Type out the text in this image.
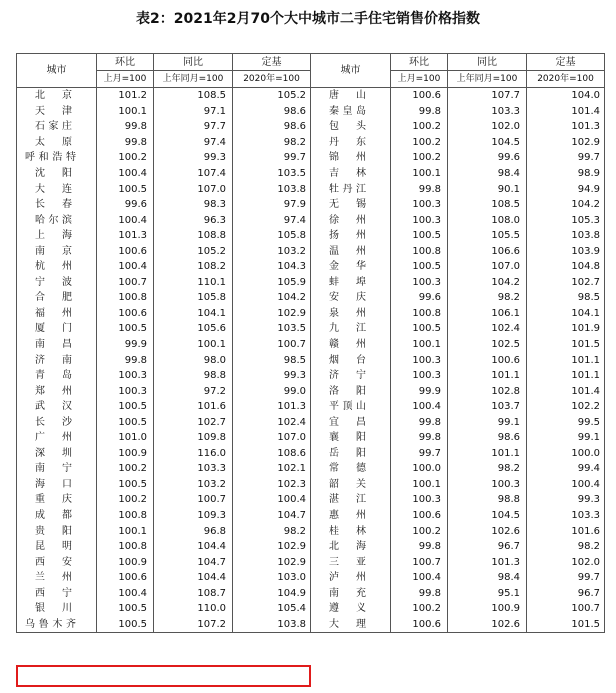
表2：2021年2月70个大中城市二手住宅销售价格指数
城市	环比	同比	定基	城市	环比	同比	定基
	上月=100	上年同月=100	2020年=100		上月=100	上年同月=100	2020年=100
北京	101.2	108.5	105.2	唐山	100.6	107.7	104.0
天津	100.1	97.1	98.6	秦皇岛	99.8	103.3	101.4
石家庄	99.8	97.7	98.6	包头	100.2	102.0	101.3
太原	99.8	97.4	98.2	丹东	100.2	104.5	102.9
呼和浩特	100.2	99.3	99.7	锦州	100.2	99.6	99.7
沈阳	100.4	107.4	103.5	吉林	100.1	98.4	98.9
大连	100.5	107.0	103.8	牡丹江	99.8	90.1	94.9
长春	99.6	98.3	97.9	无锡	100.3	108.5	104.2
哈尔滨	100.4	96.3	97.4	徐州	100.3	108.0	105.3
上海	101.3	108.8	105.8	扬州	100.5	105.5	103.8
南京	100.6	105.2	103.2	温州	100.8	106.6	103.9
杭州	100.4	108.2	104.3	金华	100.5	107.0	104.8
宁波	100.7	110.1	105.9	蚌埠	100.3	104.2	102.7
合肥	100.8	105.8	104.2	安庆	99.6	98.2	98.5
福州	100.6	104.1	102.9	泉州	100.8	106.1	104.1
厦门	100.5	105.6	103.5	九江	100.5	102.4	101.9
南昌	99.9	100.1	100.7	赣州	100.1	102.5	101.5
济南	99.8	98.0	98.5	烟台	100.3	100.6	101.1
青岛	100.3	98.8	99.3	济宁	100.3	101.1	101.1
郑州	100.3	97.2	99.0	洛阳	99.9	102.8	101.4
武汉	100.5	101.6	101.3	平顶山	100.4	103.7	102.2
长沙	100.5	102.7	102.4	宜昌	99.8	99.1	99.5
广州	101.0	109.8	107.0	襄阳	99.8	98.6	99.1
深圳	100.9	116.0	108.6	岳阳	99.7	101.1	100.0
南宁	100.2	103.3	102.1	常德	100.0	98.2	99.4
海口	100.5	103.2	102.3	韶关	100.1	100.3	100.4
重庆	100.2	100.7	100.4	湛江	100.3	98.8	99.3
成都	100.8	109.3	104.7	惠州	100.6	104.5	103.3
贵阳	100.1	96.8	98.2	桂林	100.2	102.6	101.6
昆明	100.8	104.4	102.9	北海	99.8	96.7	98.2
西安	100.9	104.7	102.9	三亚	100.7	101.3	102.0
兰州	100.6	104.4	103.0	泸州	100.4	98.4	99.7
西宁	100.4	108.7	104.9	南充	99.8	95.1	96.7
银川	100.5	110.0	105.4	遵义	100.2	100.9	100.7
乌鲁木齐	100.5	107.2	103.8	大理	100.6	102.6	101.5
